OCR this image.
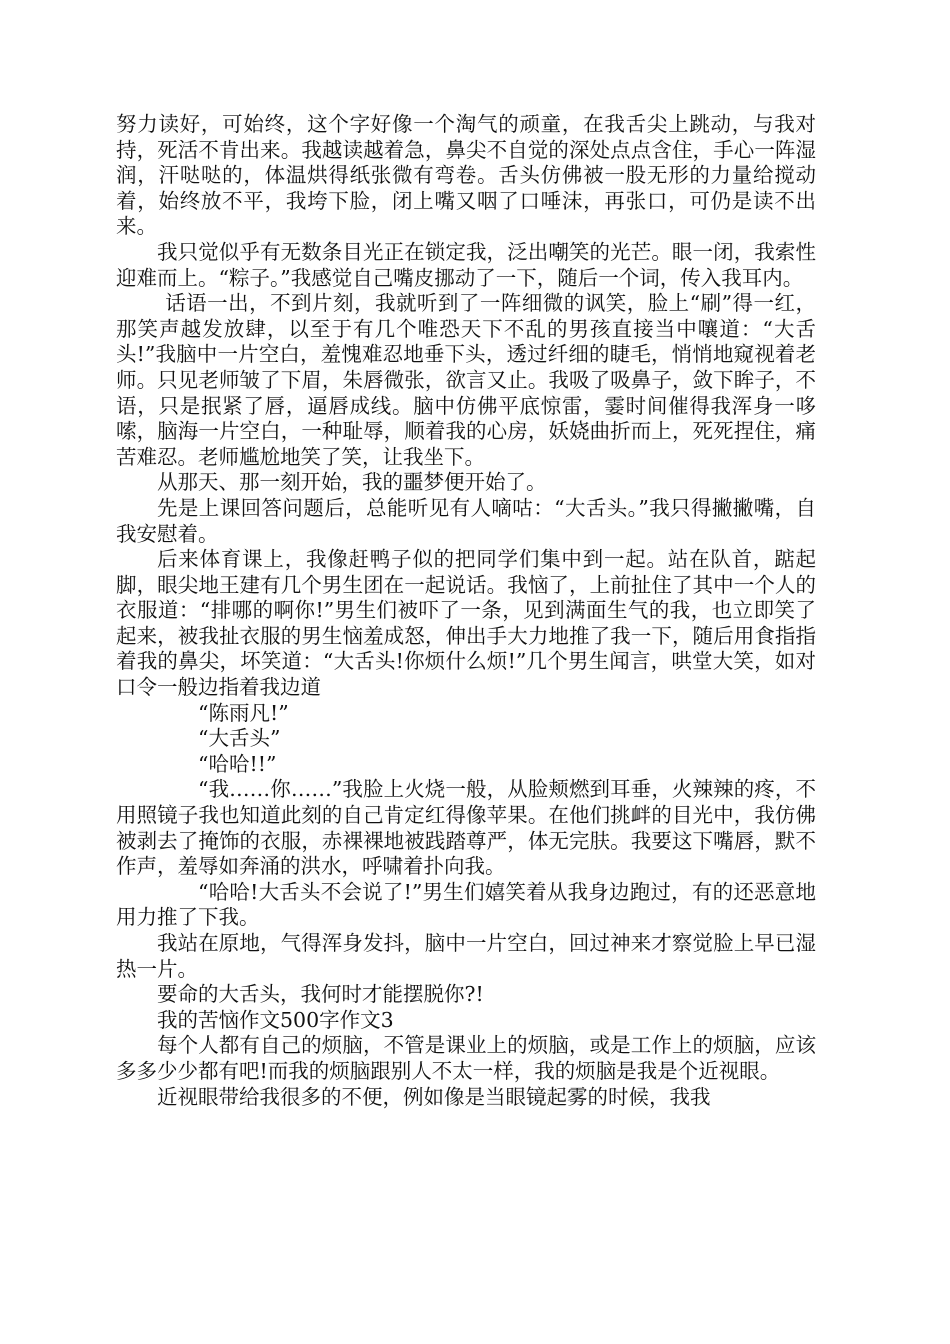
努力读好，可始终，这个字好像一个淘气的顽童，在我舌尖上跳动，与我对持，死活不肯出来。我越读越着急，鼻尖不自觉的深处点点含住，手心一阵湿润，汗哒哒的，体温烘得纸张微有弯卷。舌头仿佛被一股无形的力量给搅动着，始终放不平，我垮下脸，闭上嘴又咽了口唾沫，再张口，可仍是读不出来。

我只觉似乎有无数条目光正在锁定我，泛出嘲笑的光芒。眼一闭，我索性迎难而上。“粽子。”我感觉自己嘴皮挪动了一下，随后一个词，传入我耳内。

话语一出，不到片刻，我就听到了一阵细微的讽笑，脸上“刷”得一红，那笑声越发放肆，以至于有几个唯恐天下不乱的男孩直接当中嚷道：“大舌头!”我脑中一片空白，羞愧难忍地垂下头，透过纤细的睫毛，悄悄地窥视着老师。只见老师皱了下眉，朱唇微张，欲言又止。我吸了吸鼻子，敛下眸子，不语，只是抿紧了唇，逼唇成线。脑中仿佛平底惊雷，霎时间催得我浑身一哆嗦，脑海一片空白，一种耻辱，顺着我的心房，妖娆曲折而上，死死捏住，痛苦难忍。老师尴尬地笑了笑，让我坐下。

从那天、那一刻开始，我的噩梦便开始了。

先是上课回答问题后，总能听见有人嘀咕：“大舌头。”我只得撇撇嘴，自我安慰着。

后来体育课上，我像赶鸭子似的把同学们集中到一起。站在队首，踮起脚，眼尖地王建有几个男生团在一起说话。我恼了，上前扯住了其中一个人的衣服道：“排哪的啊你!”男生们被吓了一条，见到满面生气的我，也立即笑了起来，被我扯衣服的男生恼羞成怒，伸出手大力地推了我一下，随后用食指指着我的鼻尖，坏笑道：“大舌头!你烦什么烦!”几个男生闻言，哄堂大笑，如对口令一般边指着我边道

“陈雨凡!”

“大舌头”

“哈哈!!”

“我……你……”我脸上火烧一般，从脸颊燃到耳垂，火辣辣的疼，不用照镜子我也知道此刻的自己肯定红得像苹果。在他们挑衅的目光中，我仿佛被剥去了掩饰的衣服，赤裸裸地被践踏尊严，体无完肤。我要这下嘴唇，默不作声，羞辱如奔涌的洪水，呼啸着扑向我。

“哈哈!大舌头不会说了!”男生们嬉笑着从我身边跑过，有的还恶意地用力推了下我。

我站在原地，气得浑身发抖，脑中一片空白，回过神来才察觉脸上早已湿热一片。

要命的大舌头，我何时才能摆脱你?!

我的苦恼作文500字作文3

每个人都有自己的烦脑，不管是课业上的烦脑，或是工作上的烦脑，应该多多少少都有吧!而我的烦脑跟别人不太一样，我的烦脑是我是个近视眼。

近视眼带给我很多的不便，例如像是当眼镜起雾的时候，我我
